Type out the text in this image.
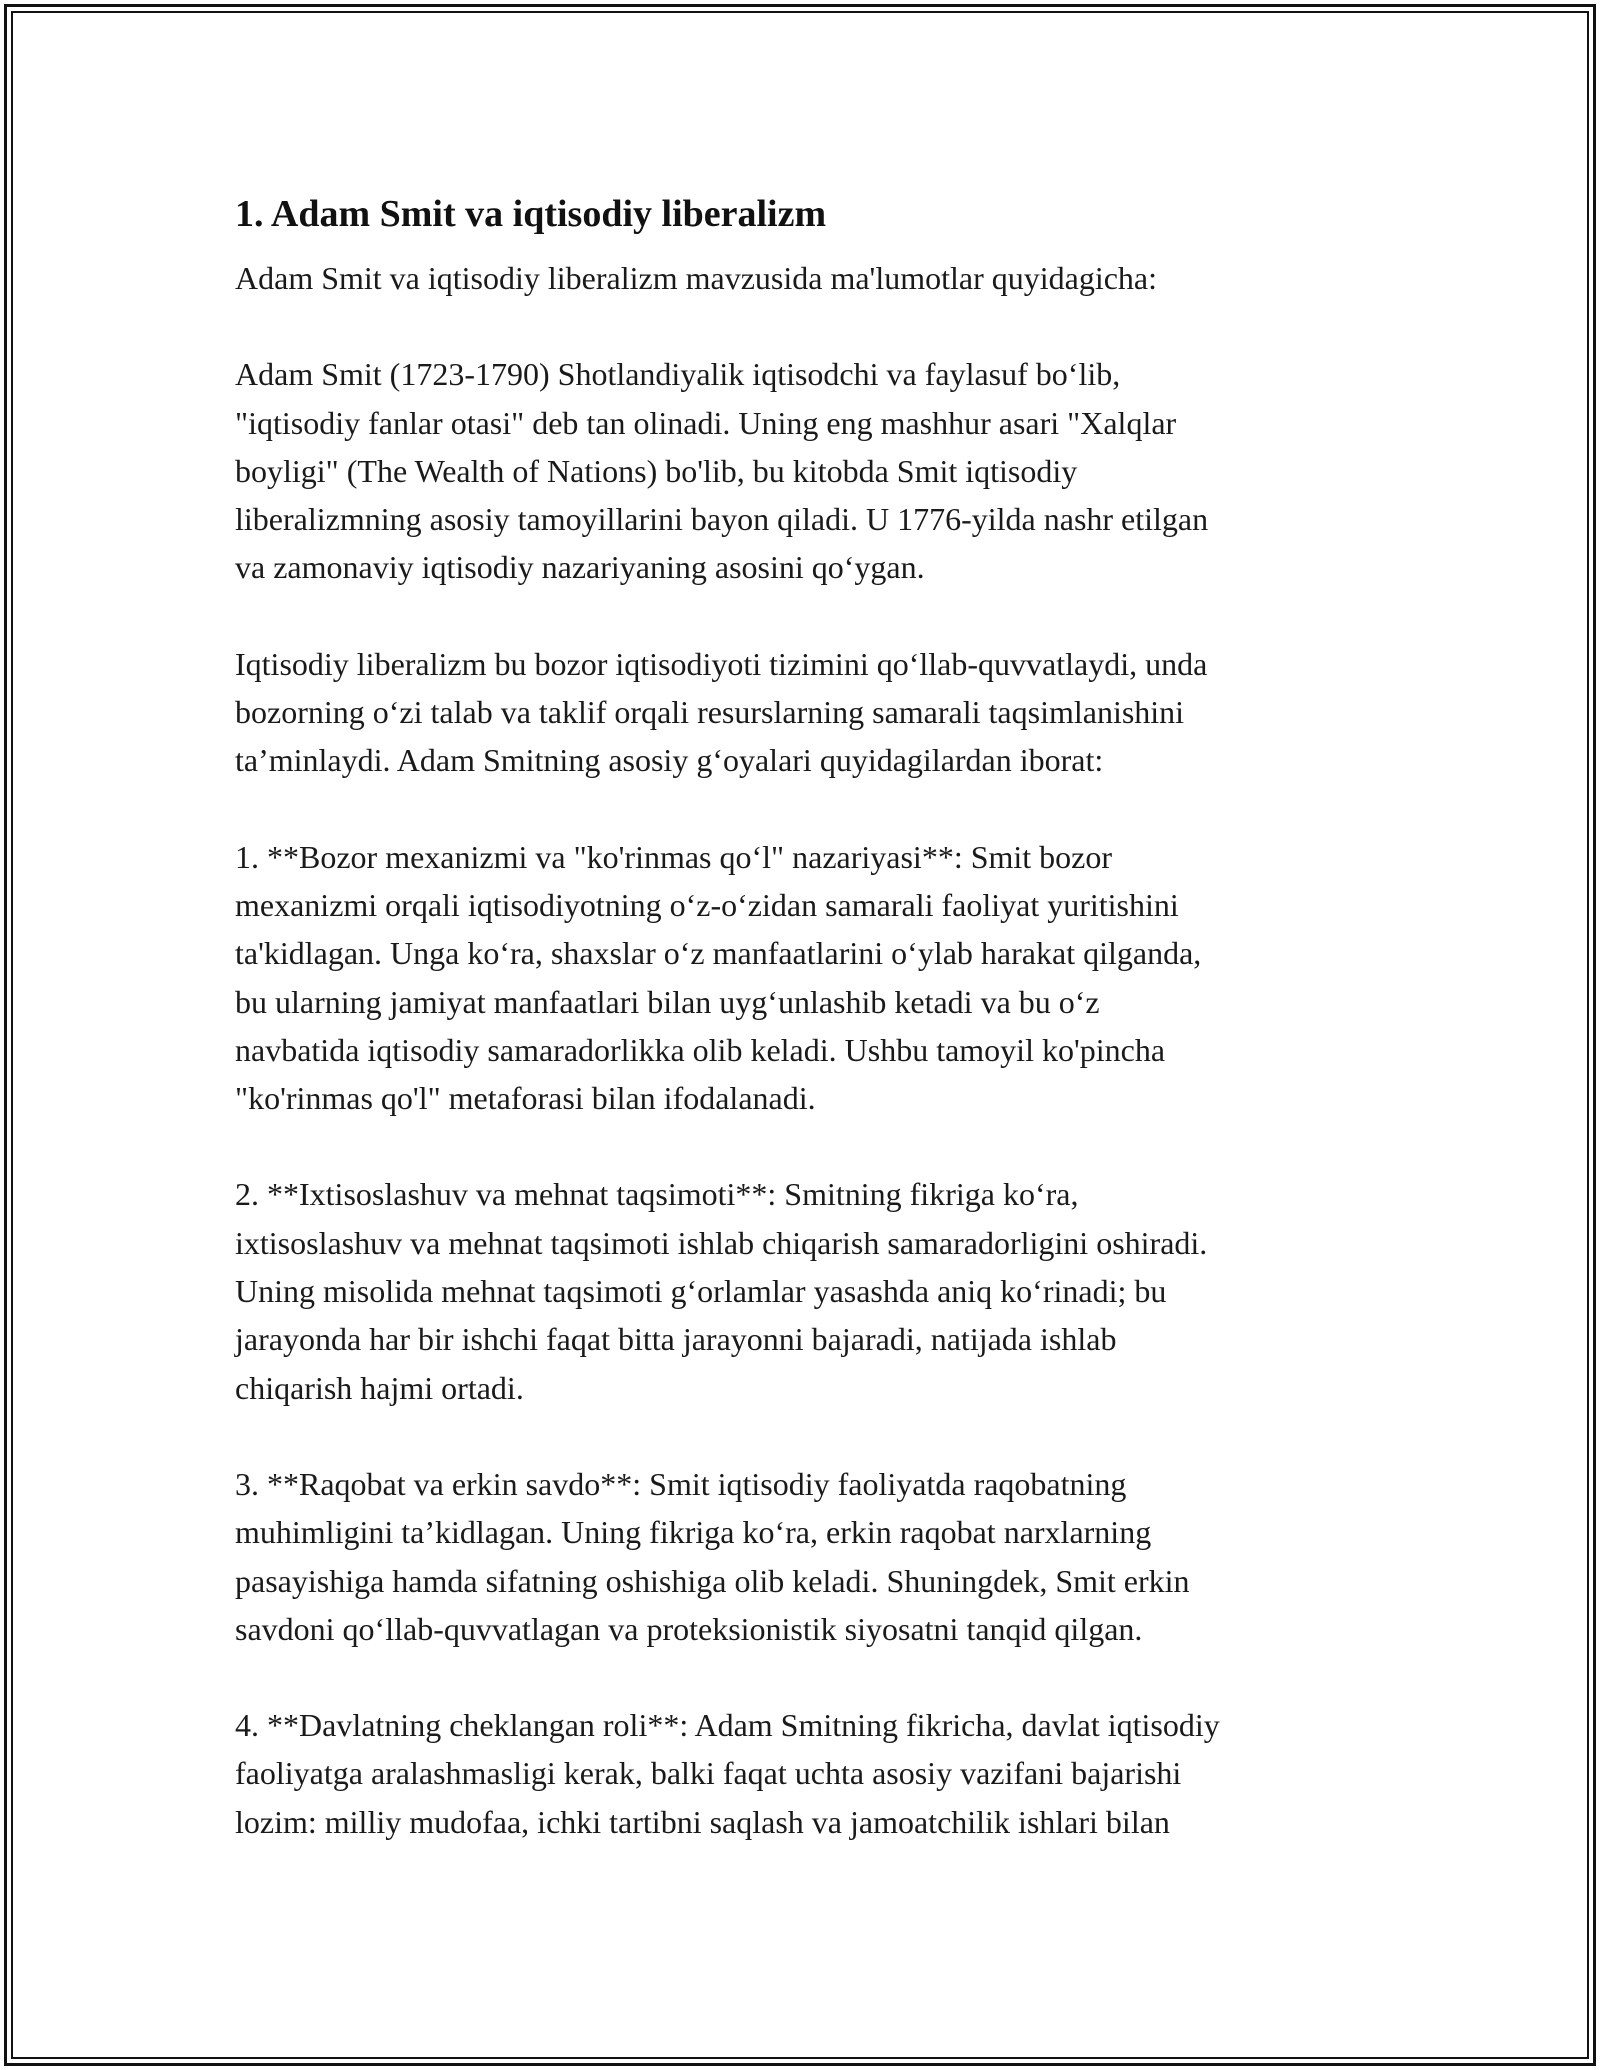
1. Adam Smit va iqtisodiy liberalizm

Adam Smit va iqtisodiy liberalizm mavzusida ma'lumotlar quyidagicha:

Adam Smit (1723-1790) Shotlandiyalik iqtisodchi va faylasuf bo‘lib,
"iqtisodiy fanlar otasi" deb tan olinadi. Uning eng mashhur asari "Xalqlar
boyligi" (The Wealth of Nations) bo'lib, bu kitobda Smit iqtisodiy
liberalizmning asosiy tamoyillarini bayon qiladi. U 1776-yilda nashr etilgan
va zamonaviy iqtisodiy nazariyaning asosini qo‘ygan.

Iqtisodiy liberalizm bu bozor iqtisodiyoti tizimini qo‘llab-quvvatlaydi, unda
bozorning o‘zi talab va taklif orqali resurslarning samarali taqsimlanishini
ta’minlaydi. Adam Smitning asosiy g‘oyalari quyidagilardan iborat:

1. **Bozor mexanizmi va "ko'rinmas qo‘l" nazariyasi**: Smit bozor
mexanizmi orqali iqtisodiyotning o‘z-o‘zidan samarali faoliyat yuritishini
ta'kidlagan. Unga ko‘ra, shaxslar o‘z manfaatlarini o‘ylab harakat qilganda,
bu ularning jamiyat manfaatlari bilan uyg‘unlashib ketadi va bu o‘z
navbatida iqtisodiy samaradorlikka olib keladi. Ushbu tamoyil ko'pincha
"ko'rinmas qo'l" metaforasi bilan ifodalanadi.

2. **Ixtisoslashuv va mehnat taqsimoti**: Smitning fikriga ko‘ra,
ixtisoslashuv va mehnat taqsimoti ishlab chiqarish samaradorligini oshiradi.
Uning misolida mehnat taqsimoti g‘orlamlar yasashda aniq ko‘rinadi; bu
jarayonda har bir ishchi faqat bitta jarayonni bajaradi, natijada ishlab
chiqarish hajmi ortadi.

3. **Raqobat va erkin savdo**: Smit iqtisodiy faoliyatda raqobatning
muhimligini ta’kidlagan. Uning fikriga ko‘ra, erkin raqobat narxlarning
pasayishiga hamda sifatning oshishiga olib keladi. Shuningdek, Smit erkin
savdoni qo‘llab-quvvatlagan va proteksionistik siyosatni tanqid qilgan.

4. **Davlatning cheklangan roli**: Adam Smitning fikricha, davlat iqtisodiy
faoliyatga aralashmasligi kerak, balki faqat uchta asosiy vazifani bajarishi
lozim: milliy mudofaa, ichki tartibni saqlash va jamoatchilik ishlari bilan
